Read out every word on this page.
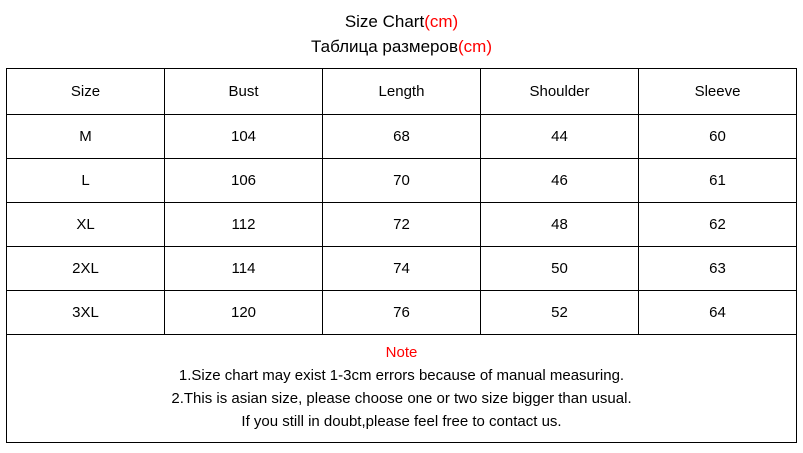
Size Chart(cm)
Таблица размеров(cm)
Size	Bust	Length	Shoulder	Sleeve
M	104	68	44	60
L	106	70	46	61
XL	112	72	48	62
2XL	114	74	50	63
3XL	120	76	52	64
Note
1.Size chart may exist 1-3cm errors because of manual measuring.
2.This is asian size, please choose one or two size bigger than usual.
If you still in doubt,please feel free to contact us.
